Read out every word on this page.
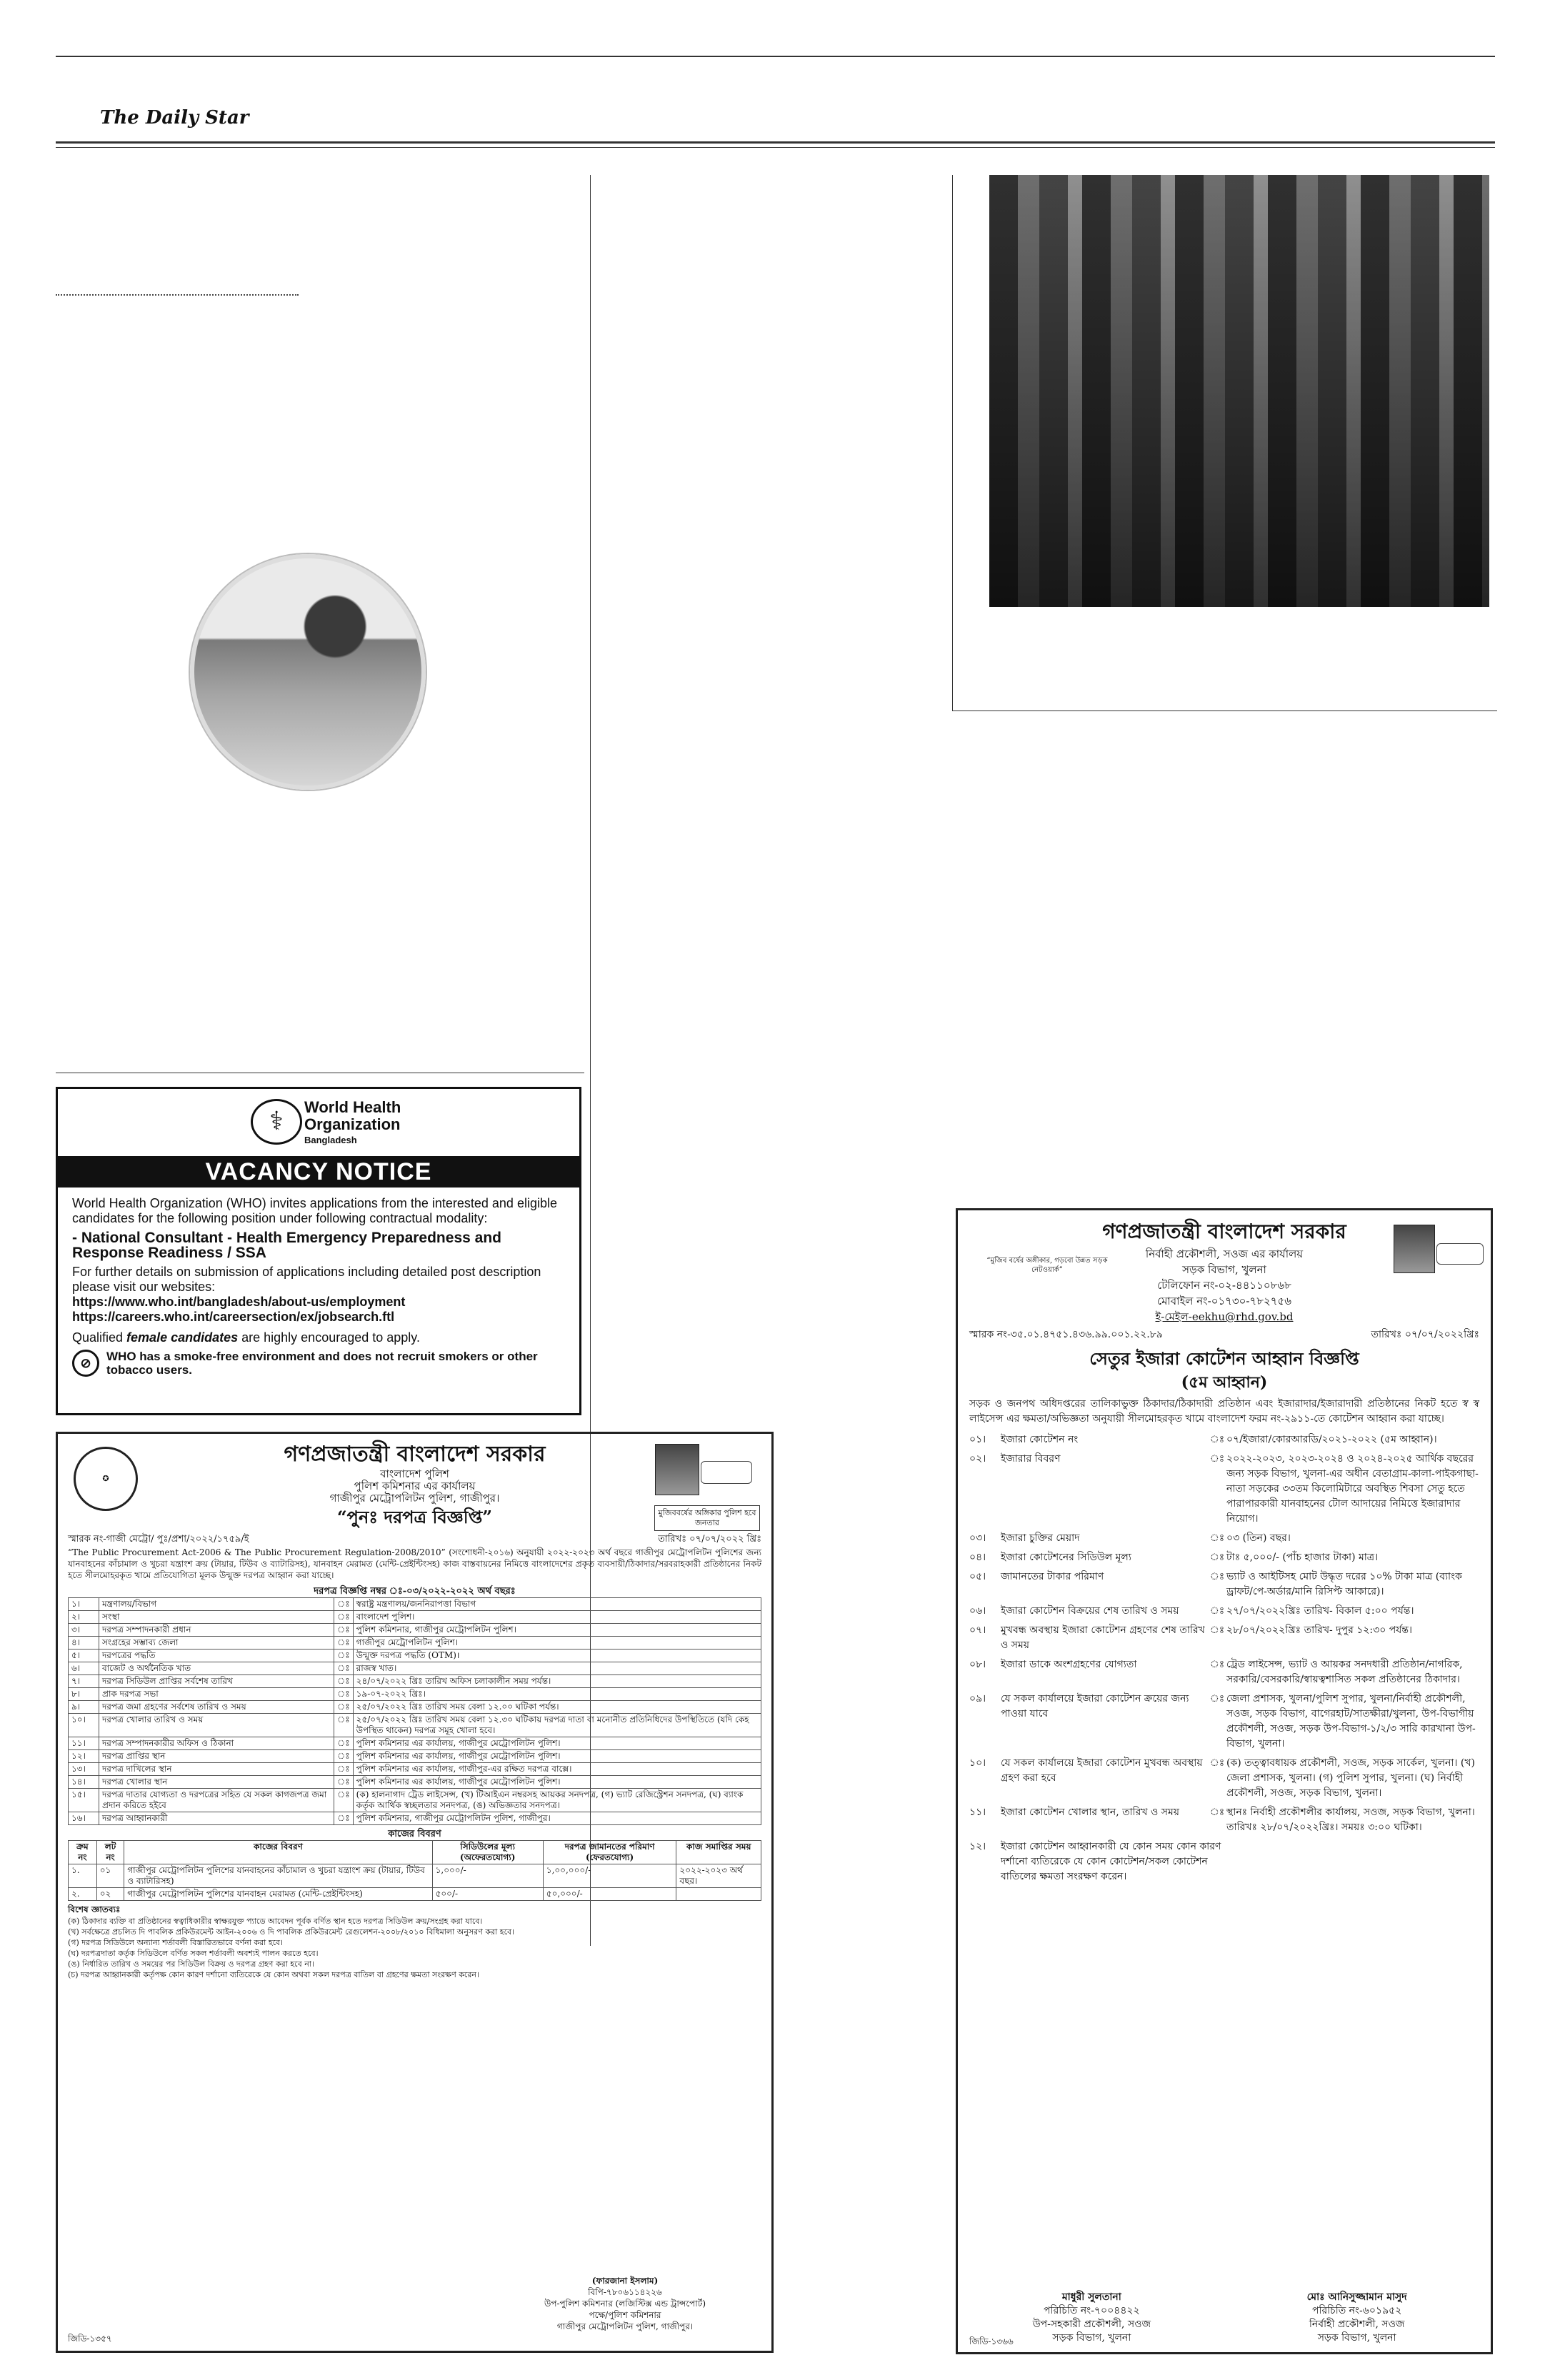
The Daily Star
⚕	World Health
Organization
Bangladesh
VACANCY NOTICE

World Health Organization (WHO) invites applications from the interested and eligible candidates for the following position under following contractual modality:

- National Consultant - Health Emergency Preparedness and Response Readiness / SSA

For further details on submission of applications including detailed post description please visit our websites:

https://www.who.int/bangladesh/about-us/employment
https://careers.who.int/careersection/ex/jobsearch.ftl

Qualified female candidates are highly encouraged to apply.

⊘	WHO has a smoke-free environment and does not recruit smokers or other tobacco users.
✪
গণপ্রজাতন্ত্রী বাংলাদেশ সরকার
বাংলাদেশ পুলিশ
পুলিশ কমিশনার এর কার্যালয়
গাজীপুর মেট্রোপলিটন পুলিশ, গাজীপুর।
মুজিববর্ষের অঙ্গিকার পুলিশ হবে জনতার
“পুনঃ দরপত্র বিজ্ঞপ্তি”
স্মারক নং-গাজী মেট্রো/ পুঃ/প্রশা/২০২২/১৭৫৯/ই	তারিখঃ ০৭/০৭/২০২২ খ্রিঃ
“The Public Procurement Act-2006 & The Public Procurement Regulation-2008/2010” (সংশোধনী-২০১৬) অনুযায়ী ২০২২-২০২৩ অর্থ বছরে গাজীপুর মেট্রোপলিটন পুলিশের জন্য যানবাহনের কাঁচামাল ও খুচরা যন্ত্রাংশ ক্রয় (টায়ার, টিউব ও ব্যাটারিসহ), যানবাহন মেরামত (মেন্টি-প্রেইন্টিংসহ) কাজ বাস্তবায়নের নিমিত্তে বাংলাদেশের প্রকৃত ব্যবসায়ী/ঠিকাদার/সরবরাহকারী প্রতিষ্ঠানের নিকট হতে সীলমোহরকৃত খামে প্রতিযোগিতা মূলক উন্মুক্ত দরপত্র আহ্বান করা যাচ্ছে।
দরপত্র বিজ্ঞপ্তি নম্বর ঃ-০৩/২০২২-২০২২ অর্থ বছরঃ
১।	মন্ত্রণালয়/বিভাগ	ঃ	স্বরাষ্ট্র মন্ত্রণালয়/জননিরাপত্তা বিভাগ
২।	সংস্থা	ঃ	বাংলাদেশ পুলিশ।
৩।	দরপত্র সম্পাদনকারী প্রধান	ঃ	পুলিশ কমিশনার, গাজীপুর মেট্রোপলিটন পুলিশ।
৪।	সংগ্রহের সম্ভাব্য জেলা	ঃ	গাজীপুর মেট্রোপলিটন পুলিশ।
৫।	দরপত্রের পদ্ধতি	ঃ	উন্মুক্ত দরপত্র পদ্ধতি (OTM)।
৬।	বাজেট ও অর্থনৈতিক খাত	ঃ	রাজস্ব খাত।
৭।	দরপত্র সিডিউল প্রাপ্তির সর্বশেষ তারিখ	ঃ	২৪/০৭/২০২২ খ্রিঃ তারিখ অফিস চলাকালীন সময় পর্যন্ত।
৮।	প্রাক দরপত্র সভা	ঃ	১৯-০৭-২০২২ খ্রিঃ।
৯।	দরপত্র জমা গ্রহণের সর্বশেষ তারিখ ও সময়	ঃ	২৫/০৭/২০২২ খ্রিঃ তারিখ সময় বেলা ১২.০০ ঘটিকা পর্যন্ত।
১০।	দরপত্র খোলার তারিখ ও সময়	ঃ	২৫/০৭/২০২২ খ্রিঃ তারিখ সময় বেলা ১২.৩০ ঘটিকায় দরপত্র দাতা বা মনোনীত প্রতিনিধিদের উপস্থিতিতে (যদি কেহ উপস্থিত থাকেন) দরপত্র সমূহ খোলা হবে।
১১।	দরপত্র সম্পাদনকারীর অফিস ও ঠিকানা	ঃ	পুলিশ কমিশনার এর কার্যালয়, গাজীপুর মেট্রোপলিটন পুলিশ।
১২।	দরপত্র প্রাপ্তির স্থান	ঃ	পুলিশ কমিশনার এর কার্যালয়, গাজীপুর মেট্রোপলিটন পুলিশ।
১৩।	দরপত্র দাখিলের স্থান	ঃ	পুলিশ কমিশনার এর কার্যালয়, গাজীপুর-এর রক্ষিত দরপত্র বাক্সে।
১৪।	দরপত্র খোলার স্থান	ঃ	পুলিশ কমিশনার এর কার্যালয়, গাজীপুর মেট্রোপলিটন পুলিশ।
১৫।	দরপত্র দাতার যোগ্যতা ও দরপত্রের সহিত যে সকল কাগজপত্র জমা প্রদান করিতে হইবে	ঃ	(ক) হালনাগাদ ট্রেড লাইসেন্স, (খ) টিআইএন নম্বরসহ আয়কর সনদপত্র, (গ) ভ্যাট রেজিস্ট্রেশন সনদপত্র, (ঘ) ব্যাংক কর্তৃক আর্থিক স্বচ্ছলতার সনদপত্র, (ঙ) অভিজ্ঞতার সনদপত্র।
১৬।	দরপত্র আহ্বানকারী	ঃ	পুলিশ কমিশনার, গাজীপুর মেট্রোপলিটন পুলিশ, গাজীপুর।
কাজের বিবরণ
ক্রম নং	লট নং	কাজের বিবরণ	সিডিউলের মূল্য (অফেরতযোগ্য)	দরপত্র জামানতের পরিমাণ (ফেরতযোগ্য)	কাজ সমাপ্তির সময়
১.	০১	গাজীপুর মেট্রোপলিটন পুলিশের যানবাহনের কাঁচামাল ও খুচরা যন্ত্রাংশ ক্রয় (টায়ার, টিউব ও ব্যাটারিসহ)	১,০০০/-	১,০০,০০০/-	২০২২-২০২৩ অর্থ বছর।
২.	০২	গাজীপুর মেট্রোপলিটন পুলিশের যানবাহন মেরামত (মেন্টি-প্রেইন্টিংসহ)	৫০০/-	৫০,০০০/-	
বিশেষ জ্ঞাতব্যঃ
(ক) ঠিকাদার ব্যক্তি বা প্রতিষ্ঠানের স্বত্বাধিকারীর স্বাক্ষরযুক্ত প্যাডে আবেদন পূর্বক বর্ণিত স্থান হতে দরপত্র সিডিউল ক্রয়/সংগ্রহ করা যাবে।
(খ) সর্বক্ষেত্রে প্রচলিত দি পাবলিক প্রকিউরমেন্ট আইন-২০০৬ ও দি পাবলিক প্রকিউরমেন্ট রেগুলেশন-২০০৮/২০১০ বিধিমালা অনুসরণ করা হবে।
(গ) দরপত্র সিডিউলে অন্যান্য শর্তাবলী বিস্তারিতভাবে বর্ণনা করা হবে।
(ঘ) দরপত্রদাতা কর্তৃক সিডিউলে বর্ণিত সকল শর্তাবলী অবশ্যই পালন করতে হবে।
(ঙ) নির্ধারিত তারিখ ও সময়ের পর সিডিউল বিক্রয় ও দরপত্র গ্রহণ করা হবে না।
(চ) দরপত্র আহ্বানকারী কর্তৃপক্ষ কোন কারণ দর্শানো ব্যতিরেকে যে কোন অথবা সকল দরপত্র বাতিল বা গ্রহণের ক্ষমতা সংরক্ষণ করেন।
(ফারজানা ইসলাম)
বিপি-৭৮০৬১১৪২২৬
উপ-পুলিশ কমিশনার (লজিস্টিক্স এন্ড ট্রান্সপোর্ট)
পক্ষে/পুলিশ কমিশনার
গাজীপুর মেট্রোপলিটন পুলিশ, গাজীপুর।
জিডি-১৩৫৭
গণপ্রজাতন্ত্রী বাংলাদেশ সরকার
“মুজিব বর্ষের অঙ্গীকার, গড়বো উন্নত সড়ক নেটওয়ার্ক”
নির্বাহী প্রকৌশলী, সওজ এর কার্যালয়
সড়ক বিভাগ, খুলনা
টেলিফোন নং-০২-৪৪১১০৮৬৮
মোবাইল নং-০১৭৩০-৭৮২৭৫৬
ই-মেইল-eekhu@rhd.gov.bd
স্মারক নং-৩৫.০১.৪৭৫১.৪৩৬.৯৯.০০১.২২.৮৯	তারিখঃ ০৭/০৭/২০২২খ্রিঃ
সেতুর ইজারা কোটেশন আহ্বান বিজ্ঞপ্তি
(৫ম আহ্বান)
সড়ক ও জনপথ অধিদপ্তরের তালিকাভুক্ত ঠিকাদার/ঠিকাদারী প্রতিষ্ঠান এবং ইজারাদার/ইজারাদারী প্রতিষ্ঠানের নিকট হতে স্ব স্ব লাইসেন্স এর ক্ষমতা/অভিজ্ঞতা অনুযায়ী সীলমোহরকৃত খামে বাংলাদেশ ফরম নং-২৯১১-তে কোটেশন আহ্বান করা যাচ্ছে।
০১।	ইজারা কোটেশন নং	ঃ ০৭/ইজারা/কোরআরডি/২০২১-২০২২ (৫ম আহ্বান)।
০২।	ইজারার বিবরণ	ঃ ২০২২-২০২৩, ২০২৩-২০২৪ ও ২০২৪-২০২৫ আর্থিক বছরের জন্য সড়ক বিভাগ, খুলনা-এর অধীন বেতাগ্রাম-কালা-পাইকগাছা-নাতা সড়কের ৩৩তম কিলোমিটারে অবস্থিত শিবসা সেতু হতে পারাপারকারী যানবাহনের টোল আদায়ের নিমিত্তে ইজারাদার নিয়োগ।
০৩।	ইজারা চুক্তির মেয়াদ	ঃ ০৩ (তিন) বছর।
০৪।	ইজারা কোটেশনের সিডিউল মূল্য	ঃ টাঃ ৫,০০০/- (পাঁচ হাজার টাকা) মাত্র।
০৫।	জামানতের টাকার পরিমাণ	ঃ ভ্যাট ও আইটিসহ মোট উদ্ধৃত দরের ১০% টাকা মাত্র (ব্যাংক ড্রাফট/পে-অর্ডার/মানি রিসিপ্ট আকারে)।
০৬।	ইজারা কোটেশন বিক্রয়ের শেষ তারিখ ও সময়	ঃ ২৭/০৭/২০২২খ্রিঃ তারিখ- বিকাল ৫:০০ পর্যন্ত।
০৭।	মুখবন্ধ অবস্থায় ইজারা কোটেশন গ্রহণের শেষ তারিখ ও সময়
ঃ ২৮/০৭/২০২২খ্রিঃ তারিখ- দুপুর ১২:৩০ পর্যন্ত।
০৮।	ইজারা ডাকে অংশগ্রহণের যোগ্যতা	ঃ ট্রেড লাইসেন্স, ভ্যাট ও আয়কর সনদধারী প্রতিষ্ঠান/নাগরিক, সরকারি/বেসরকারি/স্বায়ত্বশাসিত সকল প্রতিষ্ঠানের ঠিকাদার।
০৯।	যে সকল কার্যালয়ে ইজারা কোটেশন ক্রয়ের জন্য পাওয়া যাবে
ঃ জেলা প্রশাসক, খুলনা/পুলিশ সুপার, খুলনা/নির্বাহী প্রকৌশলী, সওজ, সড়ক বিভাগ, বাগেরহাট/সাতক্ষীরা/খুলনা, উপ-বিভাগীয় প্রকৌশলী, সওজ, সড়ক উপ-বিভাগ-১/২/৩ সারি কারখানা উপ-বিভাগ, খুলনা।
১০।	যে সকল কার্যালয়ে ইজারা কোটেশন মুখবন্ধ অবস্থায় গ্রহণ করা হবে
ঃ (ক) তত্ত্বাবধায়ক প্রকৌশলী, সওজ, সড়ক সার্কেল, খুলনা। (খ) জেলা প্রশাসক, খুলনা। (গ) পুলিশ সুপার, খুলনা। (ঘ) নির্বাহী প্রকৌশলী, সওজ, সড়ক বিভাগ, খুলনা।
১১।	ইজারা কোটেশন খোলার স্থান, তারিখ ও সময়	ঃ স্থানঃ নির্বাহী প্রকৌশলীর কার্যালয়, সওজ, সড়ক বিভাগ, খুলনা। তারিখঃ ২৮/০৭/২০২২খ্রিঃ। সময়ঃ ৩:০০ ঘটিকা।
১২।	ইজারা কোটেশন আহ্বানকারী যে কোন সময় কোন কারণ দর্শানো ব্যতিরেকে যে কোন কোটেশন/সকল কোটেশন বাতিলের ক্ষমতা সংরক্ষণ করেন।
মাধুরী সুলতানা
পরিচিতি নং-৭০০৪৪২২
উপ-সহকারী প্রকৌশলী, সওজ
সড়ক বিভাগ, খুলনা
মোঃ আনিসুজ্জামান মাসুদ
পরিচিতি নং-৬০১৯৫২
নির্বাহী প্রকৌশলী, সওজ
সড়ক বিভাগ, খুলনা
জিডি-১৩৬৬
